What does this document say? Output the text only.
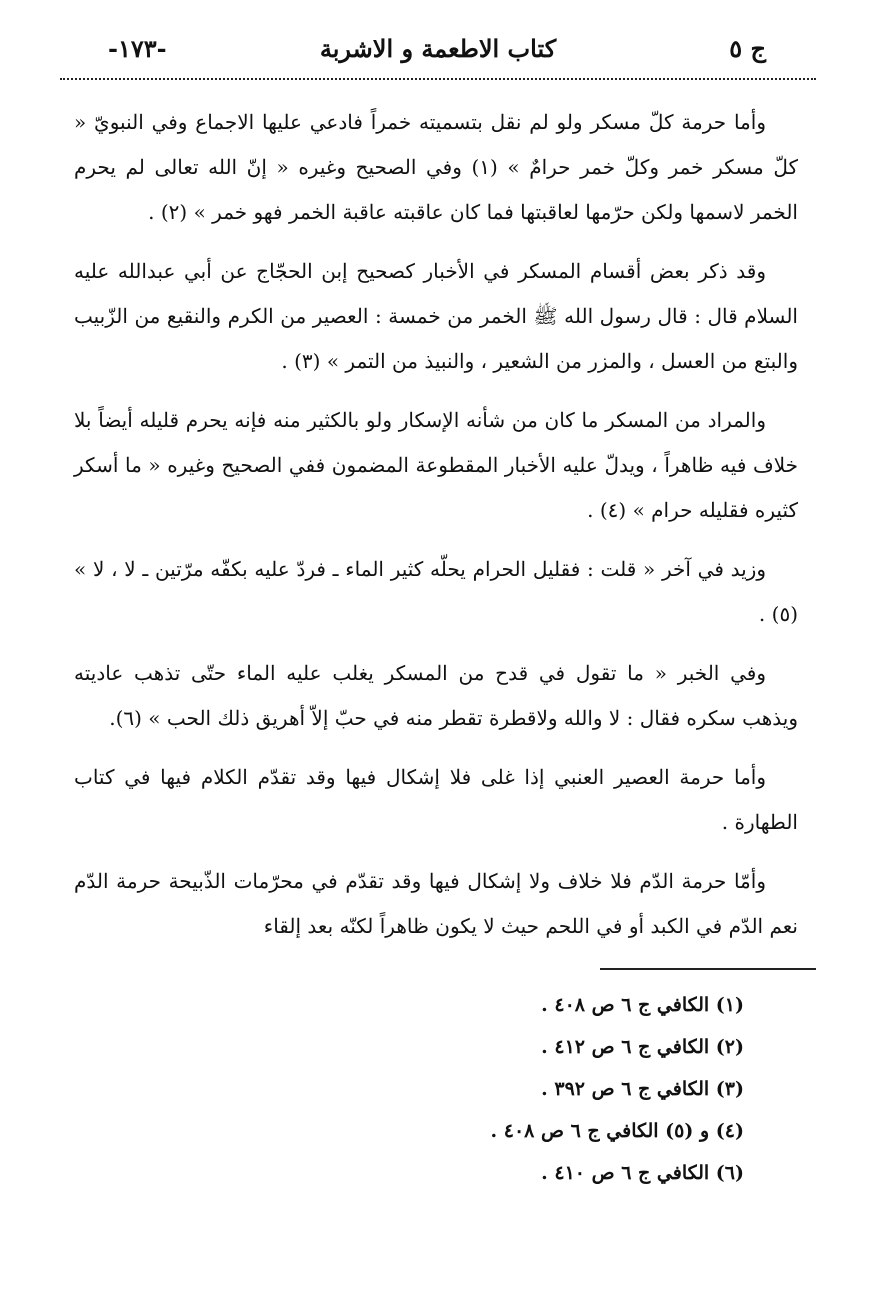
ج ٥
كتاب الاطعمة و الاشربة
-١٧٣-

وأما حرمة كلّ مسكر ولو لم نقل بتسميته خمراً فادعي عليها الاجماع وفي النبويّ « كلّ مسكر خمر وكلّ خمر حرامٌ » (١) وفي الصحيح وغيره « إنّ الله تعالى لم يحرم الخمر لاسمها ولكن حرّمها لعاقبتها فما كان عاقبته عاقبة الخمر فهو خمر » (٢) .

وقد ذكر بعض أقسام المسكر في الأخبار كصحيح إبن الحجّاج عن أبي عبدالله عليه السلام قال : قال رسول الله ﷺ الخمر من خمسة : العصير من الكرم والنقيع من الزّبيب والبتع من العسل ، والمزر من الشعير ، والنبيذ من التمر » (٣) .

والمراد من المسكر ما كان من شأنه الإسكار ولو بالكثير منه فإنه يحرم قليله أيضاً بلا خلاف فيه ظاهراً ، ويدلّ عليه الأخبار المقطوعة المضمون ففي الصحيح وغيره « ما أسكر كثيره فقليله حرام » (٤) .

وزيد في آخر « قلت : فقليل الحرام يحلّه كثير الماء ـ فردّ عليه بكفّه مرّتين ـ لا ، لا » (٥) .

وفي الخبر « ما تقول في قدح من المسكر يغلب عليه الماء حتّى تذهب عاديته ويذهب سكره فقال : لا والله ولاقطرة تقطر منه في حبّ إلاّ أهريق ذلك الحب » (٦).

وأما حرمة العصير العنبي إذا غلى فلا إشكال فيها وقد تقدّم الكلام فيها في كتاب الطهارة .

وأمّا حرمة الدّم فلا خلاف ولا إشكال فيها وقد تقدّم في محرّمات الذّبيحة حرمة الدّم نعم الدّم في الكبد أو في اللحم حيث لا يكون ظاهراً لكنّه بعد إلقاء

(١) الكافي ج ٦ ص ٤٠٨ .
(٢) الكافي ج ٦ ص ٤١٢ .
(٣) الكافي ج ٦ ص ٣٩٢ .
(٤) و (٥) الكافي ج ٦ ص ٤٠٨ .
(٦) الكافي ج ٦ ص ٤١٠ .
